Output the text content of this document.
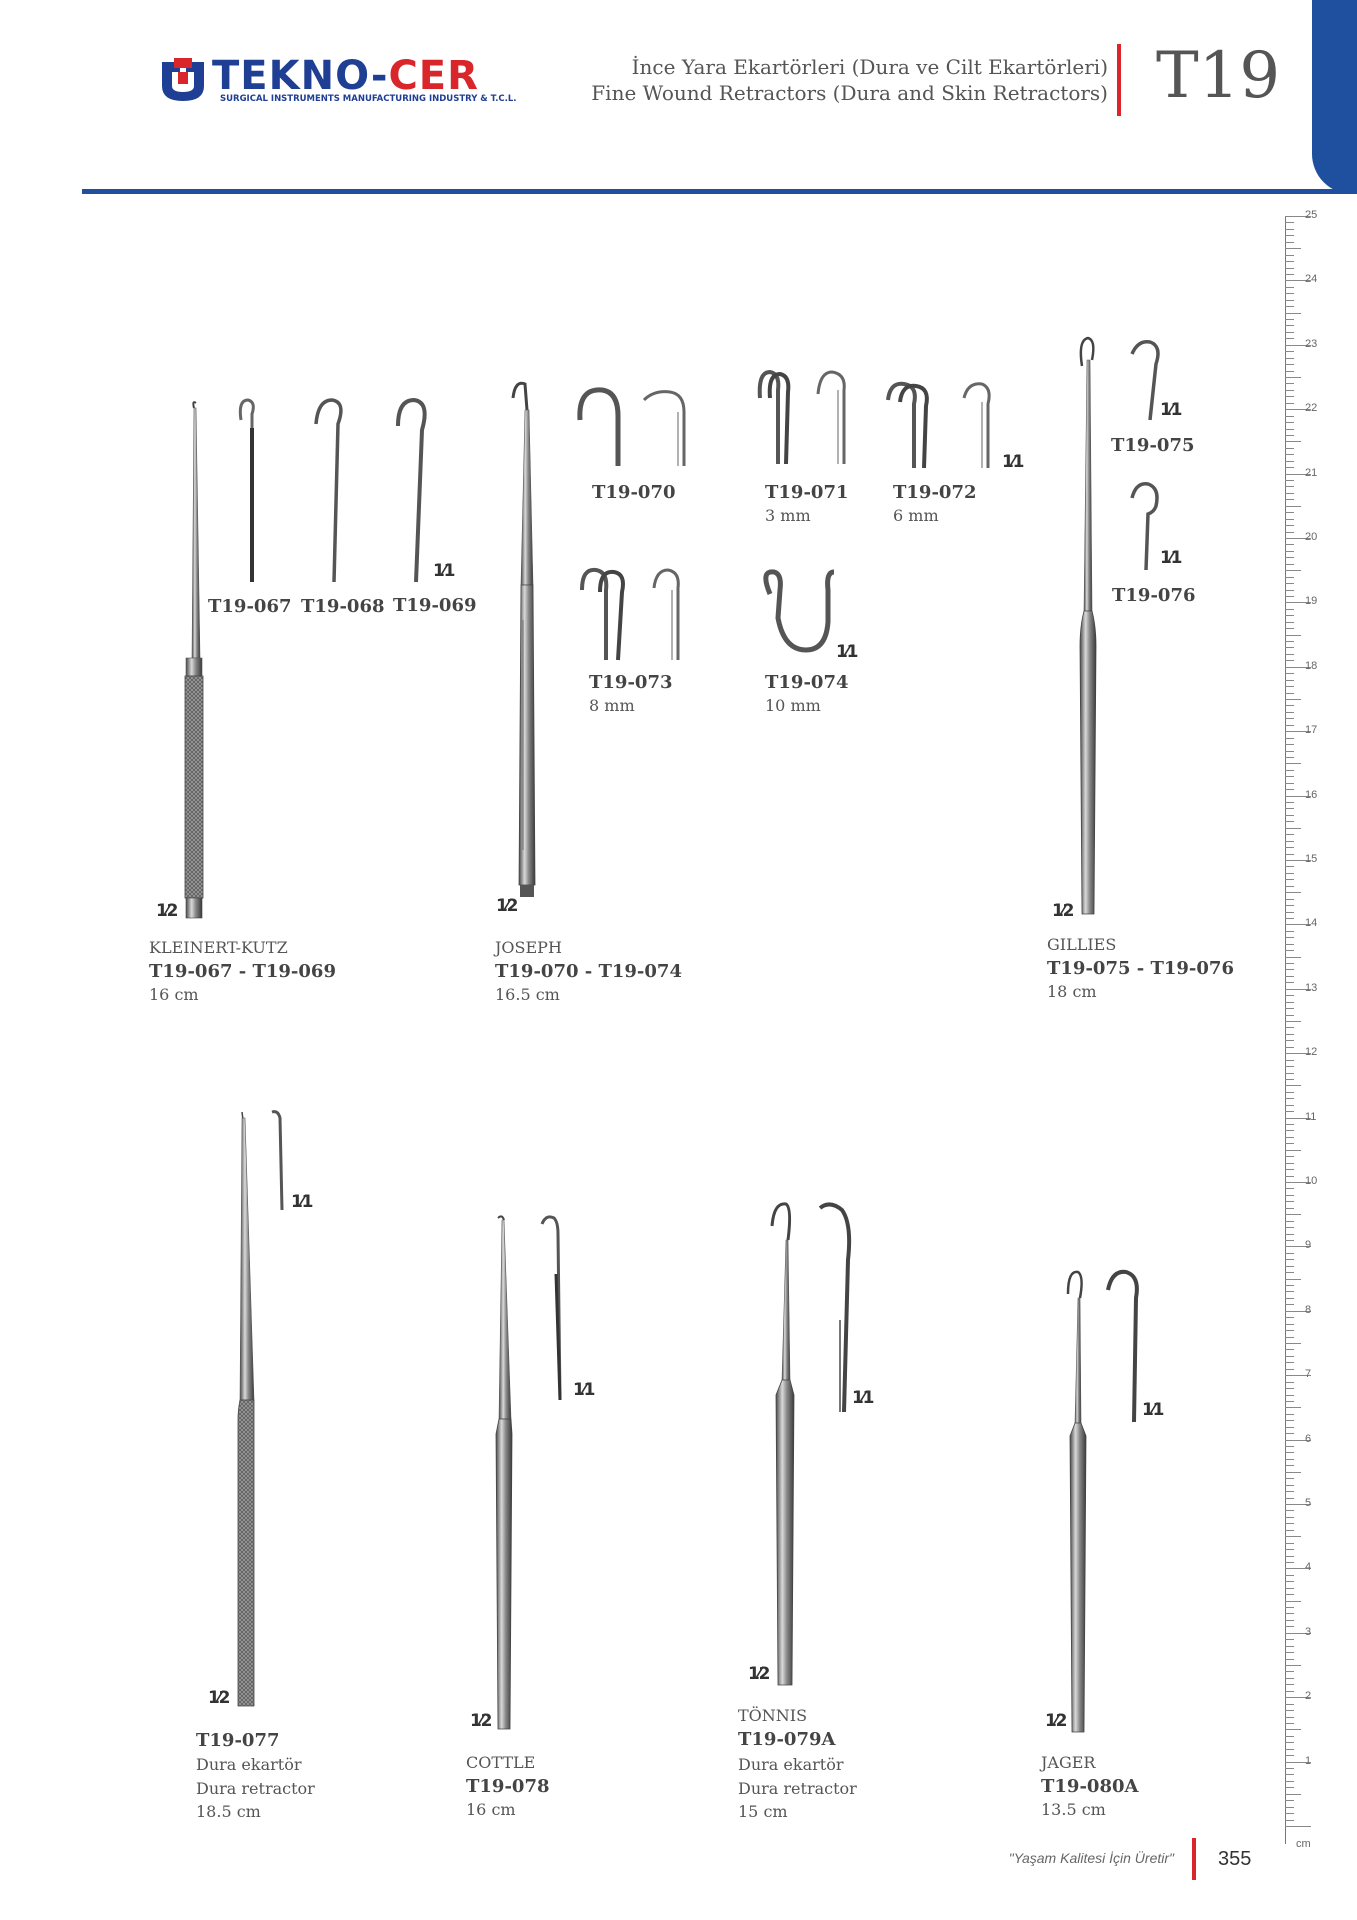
TEKNO-CER
SURGICAL INSTRUMENTS MANUFACTURING INDUSTRY & T.C.L.
İnce Yara Ekartörleri (Dura ve Cilt Ekartörleri)
Fine Wound Retractors (Dura and Skin Retractors) T19
25
24
23
22
21
20
19
18
17
16
15
14
13
12
11
10
9
8
7
6
5
4
3
2
1
cm
1⁄1
T19-067 T19-068 T19-069
1⁄2
KLEINERT-KUTZ
T19-067 - T19-069
16 cm
T19-070	T19-071
3 mm
1⁄1
T19-072
6 mm
T19-073
8 mm
1⁄1
T19-074
10 mm
1⁄2
JOSEPH
T19-070 - T19-074
16.5 cm
1⁄1
T19-075
1⁄1
T19-076
1⁄2
GILLIES
T19-075 - T19-076
18 cm
1⁄1
1⁄2
T19-077
Dura ekartör
Dura retractor
18.5 cm
1⁄1
1⁄2
COTTLE
T19-078
16 cm
1⁄1
1⁄2
TÖNNIS
T19-079A
Dura ekartör
Dura retractor
15 cm
1⁄1
1⁄2
JAGER
T19-080A
13.5 cm
"Yaşam Kalitesi İçin Üretir" 355
